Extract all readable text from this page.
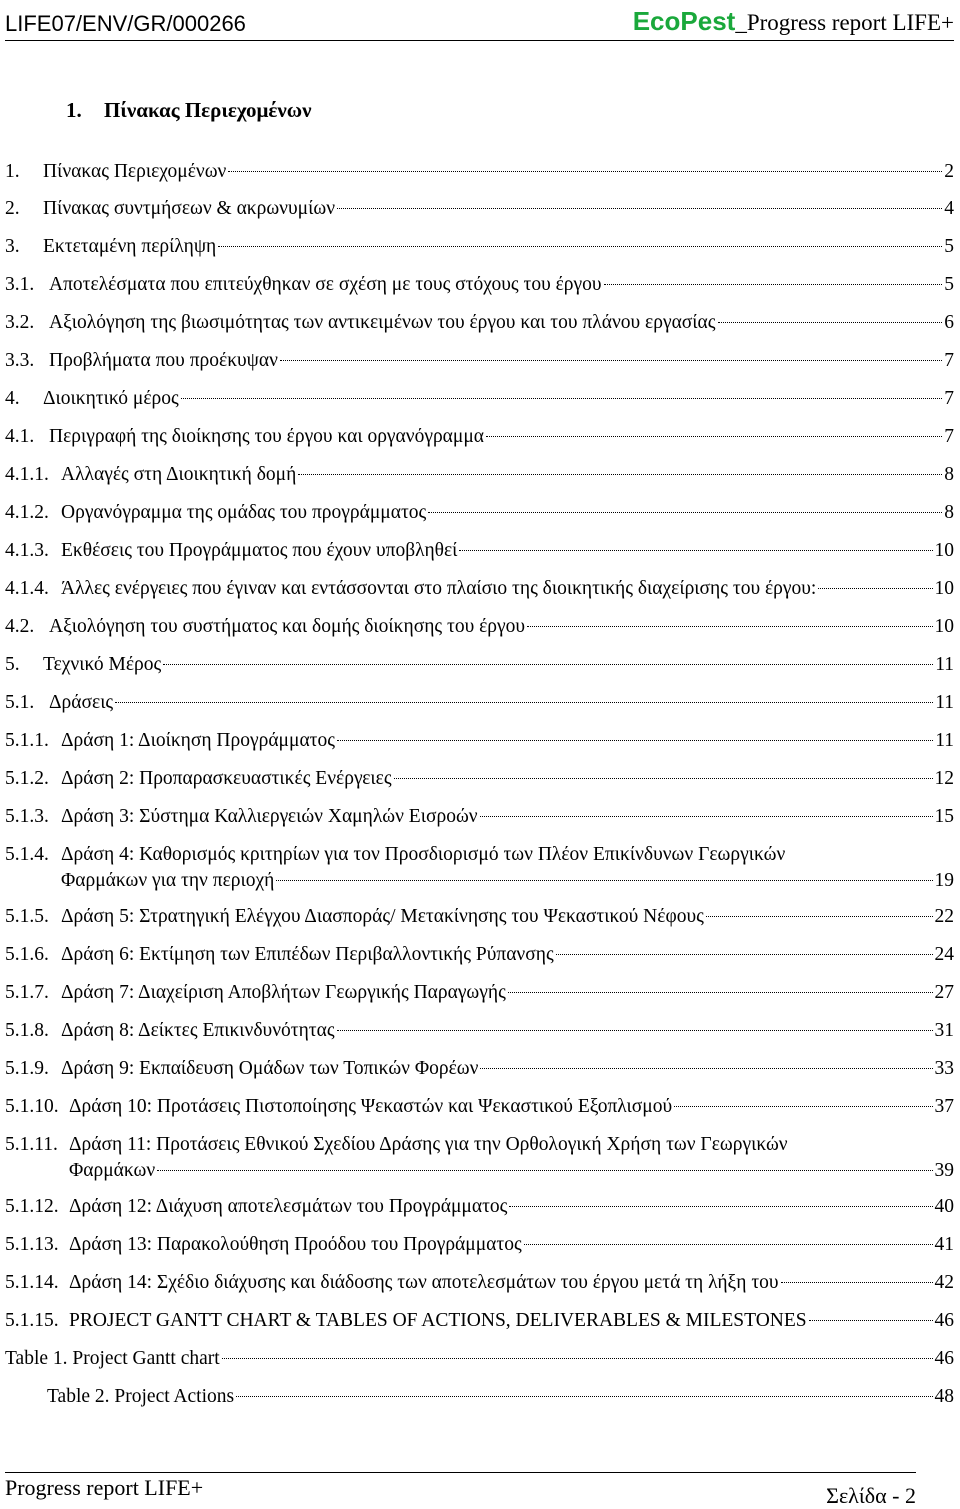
LIFE07/ENV/GR/000266	EcoPest_Progress report LIFE+
1. Πίνακας Περιεχομένων
1.	Πίνακας Περιεχομένων	2
2.	Πίνακας συντμήσεων & ακρωνυμίων	4
3.	Εκτεταμένη περίληψη	5
3.1. Αποτελέσματα που επιτεύχθηκαν σε σχέση με τους στόχους του έργου	5
3.2. Αξιολόγηση της βιωσιμότητας των αντικειμένων του έργου και του πλάνου εργασίας	6
3.3. Προβλήματα που προέκυψαν	7
4.	Διοικητικό μέρος	7
4.1. Περιγραφή της διοίκησης του έργου και οργανόγραμμα	7
4.1.1. Αλλαγές στη Διοικητική δομή	8
4.1.2. Οργανόγραμμα της ομάδας του προγράμματος	8
4.1.3. Εκθέσεις του Προγράμματος που έχουν υποβληθεί	10
4.1.4. Άλλες ενέργειες που έγιναν και εντάσσονται στο πλαίσιο της διοικητικής διαχείρισης του έργου:	10
4.2. Αξιολόγηση του συστήματος και δομής διοίκησης του έργου	10
5.	Τεχνικό Μέρος	11
5.1. Δράσεις	11
5.1.1. Δράση 1: Διοίκηση Προγράμματος	11
5.1.2. Δράση 2: Προπαρασκευαστικές Ενέργειες	12
5.1.3. Δράση 3: Σύστημα Καλλιεργειών Χαμηλών Εισροών	15
5.1.4. Δράση 4: Καθορισμός κριτηρίων για τον Προσδιορισμό των Πλέον Επικίνδυνων Γεωργικών
Φαρμάκων για την περιοχή	19
5.1.5. Δράση 5: Στρατηγική Ελέγχου Διασποράς/ Μετακίνησης του Ψεκαστικού Νέφους	22
5.1.6. Δράση 6: Εκτίμηση των Επιπέδων Περιβαλλοντικής Ρύπανσης	24
5.1.7. Δράση 7: Διαχείριση Αποβλήτων Γεωργικής Παραγωγής	27
5.1.8. Δράση 8: Δείκτες Επικινδυνότητας	31
5.1.9. Δράση 9: Εκπαίδευση Ομάδων των Τοπικών Φορέων	33
5.1.10. Δράση 10: Προτάσεις Πιστοποίησης Ψεκαστών και Ψεκαστικού Εξοπλισμού	37
5.1.11. Δράση 11: Προτάσεις Εθνικού Σχεδίου Δράσης για την Ορθολογική Χρήση των Γεωργικών
Φαρμάκων	39
5.1.12. Δράση 12: Διάχυση αποτελεσμάτων του Προγράμματος	40
5.1.13. Δράση 13: Παρακολούθηση Προόδου του Προγράμματος	41
5.1.14. Δράση 14: Σχέδιο διάχυσης και διάδοσης των αποτελεσμάτων του έργου μετά τη λήξη του	42
5.1.15. PROJECT GANTT CHART & TABLES OF ACTIONS, DELIVERABLES & MILESTONES	46
Table 1. Project Gantt chart	46
Table 2. Project Actions	48
Progress report LIFE+	Σελίδα - 2
